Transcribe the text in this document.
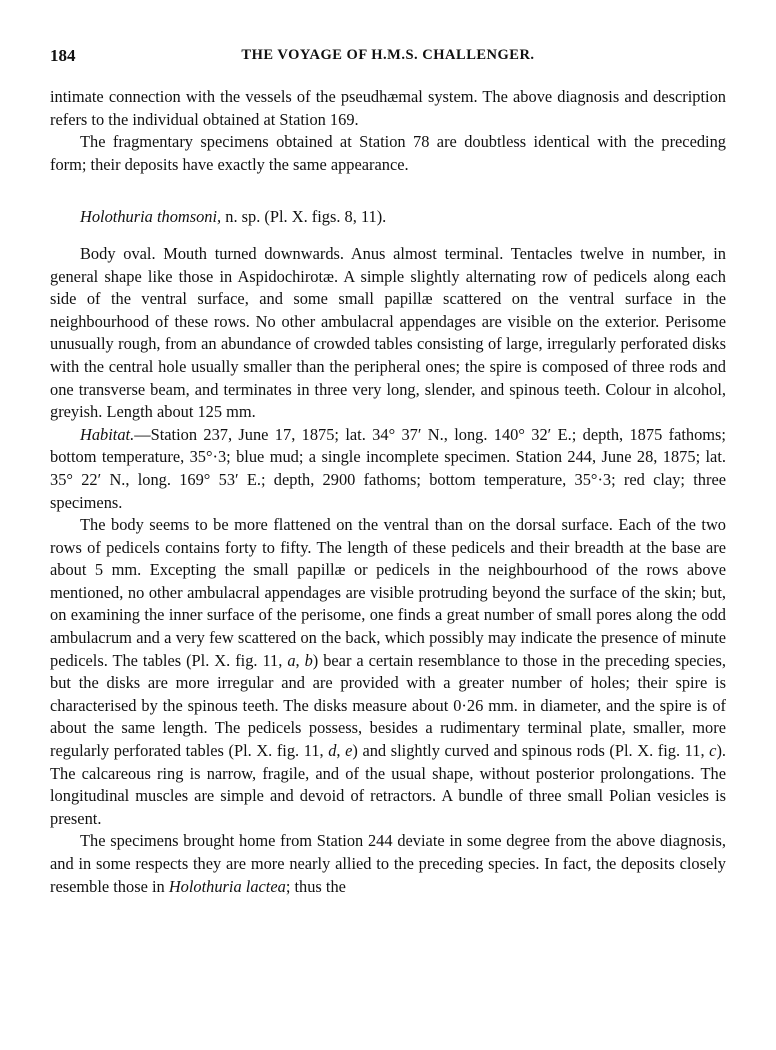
184	THE VOYAGE OF H.M.S. CHALLENGER.

intimate connection with the vessels of the pseudhæmal system. The above diagnosis and description refers to the individual obtained at Station 169.

The fragmentary specimens obtained at Station 78 are doubtless identical with the preceding form; their deposits have exactly the same appearance.

Holothuria thomsoni, n. sp. (Pl. X. figs. 8, 11).

Body oval. Mouth turned downwards. Anus almost terminal. Tentacles twelve in number, in general shape like those in Aspidochirotæ. A simple slightly alternating row of pedicels along each side of the ventral surface, and some small papillæ scattered on the ventral surface in the neighbourhood of these rows. No other ambulacral appendages are visible on the exterior. Perisome unusually rough, from an abundance of crowded tables consisting of large, irregularly perforated disks with the central hole usually smaller than the peripheral ones; the spire is composed of three rods and one transverse beam, and terminates in three very long, slender, and spinous teeth. Colour in alcohol, greyish. Length about 125 mm.

Habitat.—Station 237, June 17, 1875; lat. 34° 37′ N., long. 140° 32′ E.; depth, 1875 fathoms; bottom temperature, 35°·3; blue mud; a single incomplete specimen. Station 244, June 28, 1875; lat. 35° 22′ N., long. 169° 53′ E.; depth, 2900 fathoms; bottom temperature, 35°·3; red clay; three specimens.

The body seems to be more flattened on the ventral than on the dorsal surface. Each of the two rows of pedicels contains forty to fifty. The length of these pedicels and their breadth at the base are about 5 mm. Excepting the small papillæ or pedicels in the neighbourhood of the rows above mentioned, no other ambulacral appendages are visible protruding beyond the surface of the skin; but, on examining the inner surface of the perisome, one finds a great number of small pores along the odd ambulacrum and a very few scattered on the back, which possibly may indicate the presence of minute pedicels. The tables (Pl. X. fig. 11, a, b) bear a certain resemblance to those in the preceding species, but the disks are more irregular and are provided with a greater number of holes; their spire is characterised by the spinous teeth. The disks measure about 0·26 mm. in diameter, and the spire is of about the same length. The pedicels possess, besides a rudimentary terminal plate, smaller, more regularly perforated tables (Pl. X. fig. 11, d, e) and slightly curved and spinous rods (Pl. X. fig. 11, c). The calcareous ring is narrow, fragile, and of the usual shape, without posterior prolongations. The longitudinal muscles are simple and devoid of retractors. A bundle of three small Polian vesicles is present.

The specimens brought home from Station 244 deviate in some degree from the above diagnosis, and in some respects they are more nearly allied to the preceding species. In fact, the deposits closely resemble those in Holothuria lactea; thus the
